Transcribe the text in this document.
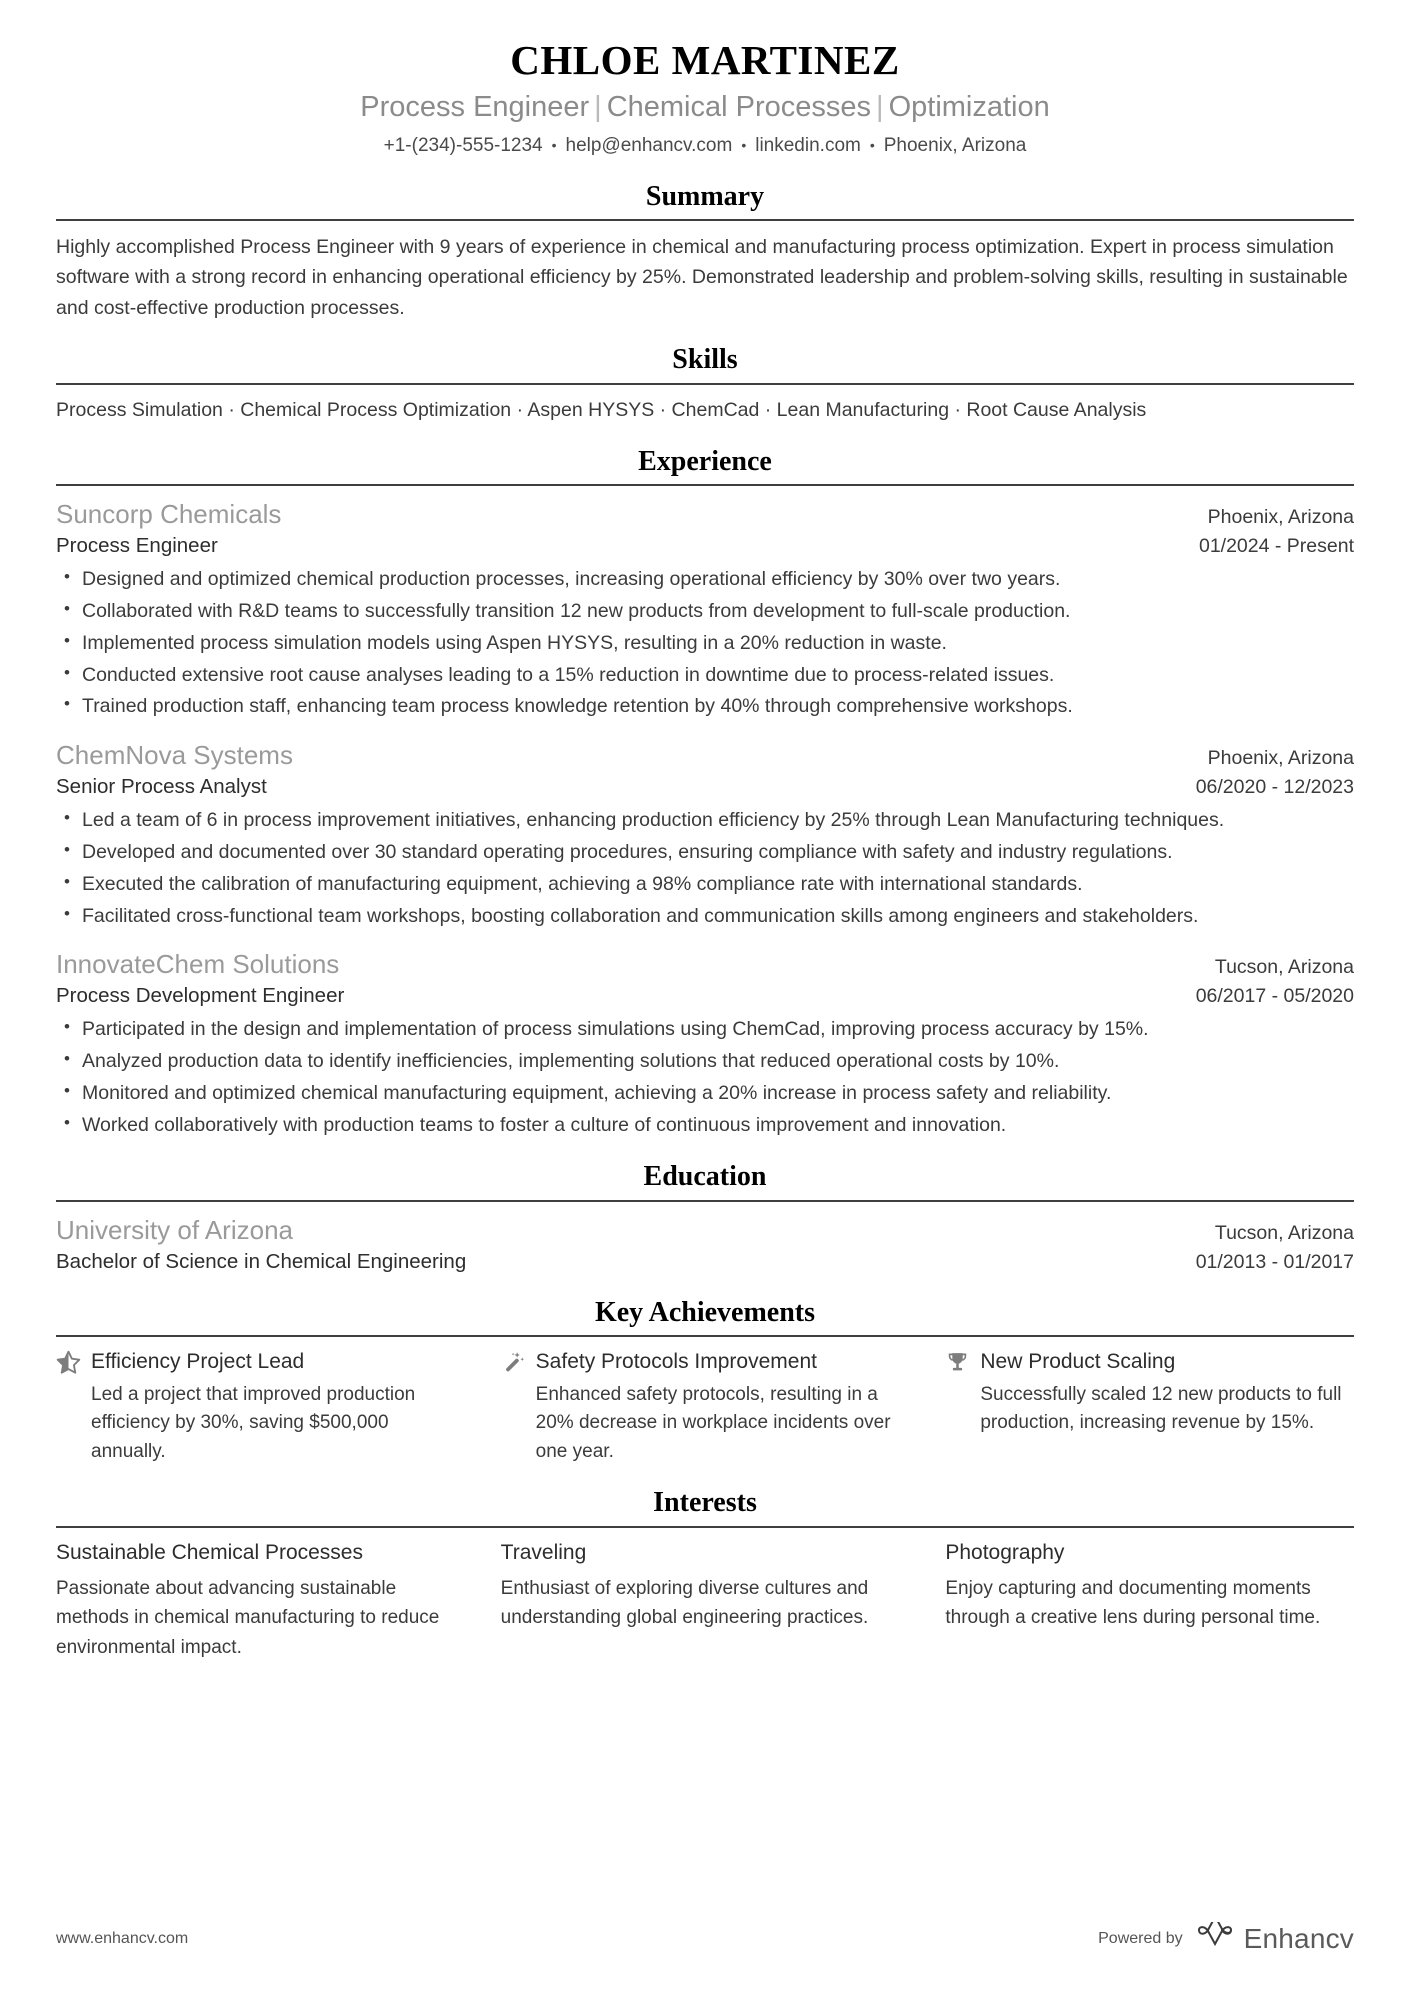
CHLOE MARTINEZ
Process Engineer | Chemical Processes | Optimization
+1-(234)-555-1234 • help@enhancv.com • linkedin.com • Phoenix, Arizona
Summary
Highly accomplished Process Engineer with 9 years of experience in chemical and manufacturing process optimization. Expert in process simulation software with a strong record in enhancing operational efficiency by 25%. Demonstrated leadership and problem-solving skills, resulting in sustainable and cost-effective production processes.
Skills
Process Simulation · Chemical Process Optimization · Aspen HYSYS · ChemCad · Lean Manufacturing · Root Cause Analysis
Experience
Suncorp Chemicals	Phoenix, Arizona
Process Engineer	01/2024 - Present
• Designed and optimized chemical production processes, increasing operational efficiency by 30% over two years.
• Collaborated with R&D teams to successfully transition 12 new products from development to full-scale production.
• Implemented process simulation models using Aspen HYSYS, resulting in a 20% reduction in waste.
• Conducted extensive root cause analyses leading to a 15% reduction in downtime due to process-related issues.
• Trained production staff, enhancing team process knowledge retention by 40% through comprehensive workshops.
ChemNova Systems	Phoenix, Arizona
Senior Process Analyst	06/2020 - 12/2023
• Led a team of 6 in process improvement initiatives, enhancing production efficiency by 25% through Lean Manufacturing techniques.
• Developed and documented over 30 standard operating procedures, ensuring compliance with safety and industry regulations.
• Executed the calibration of manufacturing equipment, achieving a 98% compliance rate with international standards.
• Facilitated cross-functional team workshops, boosting collaboration and communication skills among engineers and stakeholders.
InnovateChem Solutions	Tucson, Arizona
Process Development Engineer	06/2017 - 05/2020
• Participated in the design and implementation of process simulations using ChemCad, improving process accuracy by 15%.
• Analyzed production data to identify inefficiencies, implementing solutions that reduced operational costs by 10%.
• Monitored and optimized chemical manufacturing equipment, achieving a 20% increase in process safety and reliability.
• Worked collaboratively with production teams to foster a culture of continuous improvement and innovation.
Education
University of Arizona	Tucson, Arizona
Bachelor of Science in Chemical Engineering	01/2013 - 01/2017
Key Achievements
Efficiency Project Lead
Led a project that improved production efficiency by 30%, saving $500,000 annually.
Safety Protocols Improvement
Enhanced safety protocols, resulting in a 20% decrease in workplace incidents over one year.
New Product Scaling
Successfully scaled 12 new products to full production, increasing revenue by 15%.
Interests
Sustainable Chemical Processes
Passionate about advancing sustainable methods in chemical manufacturing to reduce environmental impact.
Traveling
Enthusiast of exploring diverse cultures and understanding global engineering practices.
Photography
Enjoy capturing and documenting moments through a creative lens during personal time.
www.enhancv.com	Powered by Enhancv
